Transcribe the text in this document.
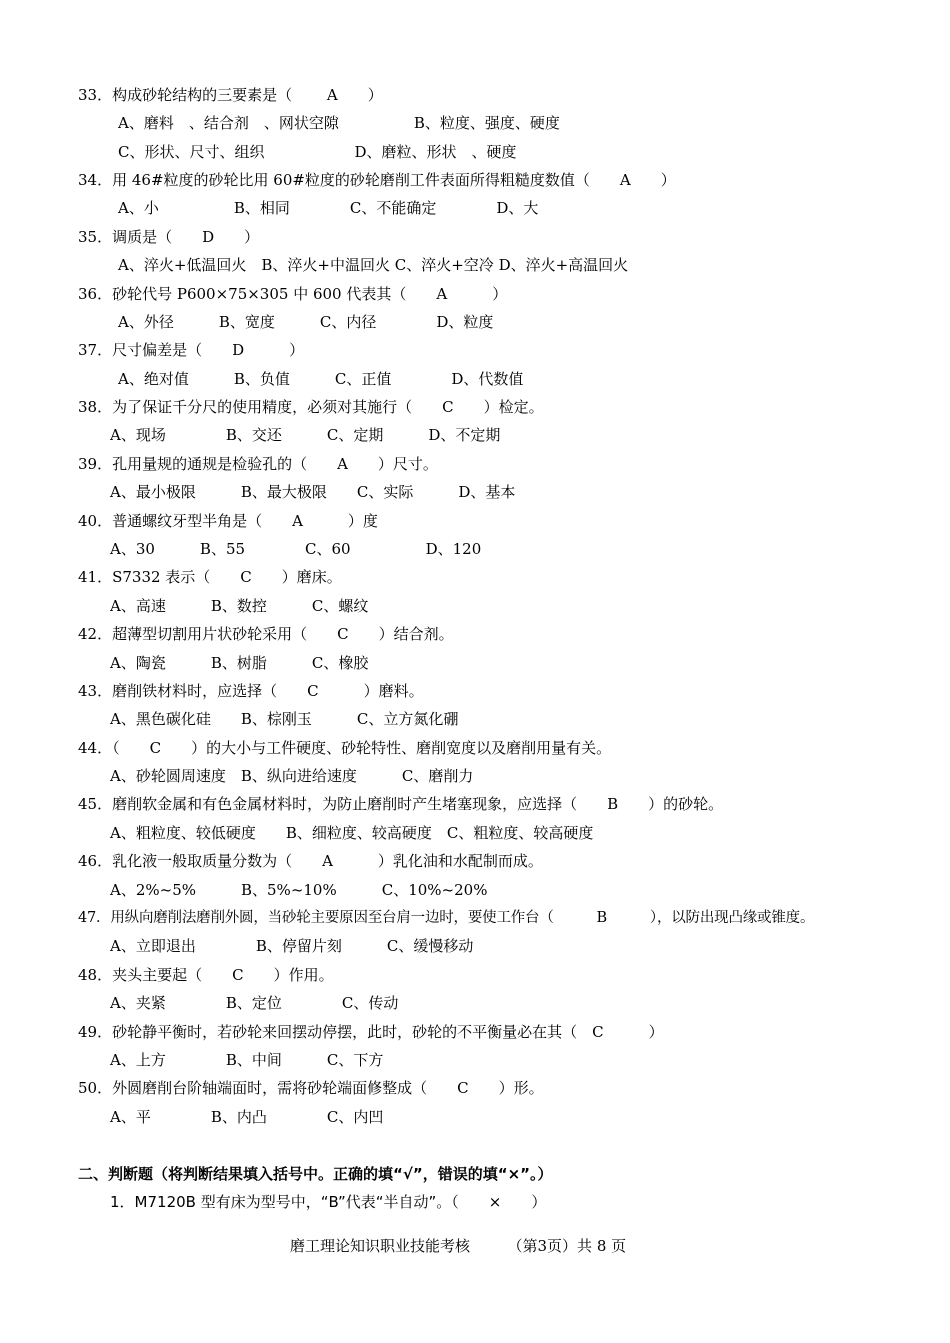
33．构成砂轮结构的三要素是（　　 A　　）
A、磨料　、结合剂　、网状空隙　　　　　B、粒度、强度、硬度
C、形状、尺寸、组织　　　　　　D、磨粒、形状　、硬度
34．用 46#粒度的砂轮比用 60#粒度的砂轮磨削工件表面所得粗糙度数值（　　A　　）
A、小　　　　　B、相同　　　　C、不能确定　　　　D、大
35．调质是（　　D　　）
A、淬火+低温回火　B、淬火+中温回火 C、淬火+空冷 D、淬火+高温回火
36．砂轮代号 P600×75×305 中 600 代表其（　　A　　　）
A、外径　　　B、宽度　　　C、内径　　　　D、粒度
37．尺寸偏差是（　　D　　　）
A、绝对值　　　B、负值　　　C、正值　　　　D、代数值
38．为了保证千分尺的使用精度，必须对其施行（　　C　　）检定。
A、现场　　　　B、交还　　　C、定期　　　D、不定期
39．孔用量规的通规是检验孔的（　　A　　）尺寸。
A、最小极限　　　B、最大极限　　C、实际　　　D、基本
40．普通螺纹牙型半角是（　　A　　　）度
A、30　　　B、55　　　　C、60　　　　　D、120
41．S7332 表示（　　C　　）磨床。
A、高速　　　B、数控　　　C、螺纹
42．超薄型切割用片状砂轮采用（　　C　　）结合剂。
A、陶瓷　　　B、树脂　　　C、橡胶
43．磨削铁材料时，应选择（　　C　　　）磨料。
A、黑色碳化硅　　B、棕刚玉　　　C、立方氮化硼
44．（　　C　　）的大小与工件硬度、砂轮特性、磨削宽度以及磨削用量有关。
A、砂轮圆周速度　B、纵向进给速度　　　C、磨削力
45．磨削软金属和有色金属材料时，为防止磨削时产生堵塞现象，应选择（　　B　　）的砂轮。
A、粗粒度、较低硬度　　B、细粒度、较高硬度　C、粗粒度、较高硬度
46．乳化液一般取质量分数为（　　A　　　）乳化油和水配制而成。
A、2%~5%　　　B、5%~10%　　　C、10%~20%
47．用纵向磨削法磨削外圆，当砂轮主要原因至台肩一边时，要使工作台（　　　B　　　），以防出现凸缘或锥度。
A、立即退出　　　　B、停留片刻　　　C、缓慢移动
48．夹头主要起（　　C　　）作用。
A、夹紧　　　　B、定位　　　　C、传动
49．砂轮静平衡时，若砂轮来回摆动停摆，此时，砂轮的不平衡量必在其（　C　　　）
A、上方　　　　B、中间　　　C、下方
50．外圆磨削台阶轴端面时，需将砂轮端面修整成（　　C　　）形。
A、平　　　　B、内凸　　　　C、内凹
二、判断题（将判断结果填入括号中。正确的填“√”，错误的填“×”。）
1．M7120B 型有床为型号中，“B”代表“半自动”。（　　×　　）
磨工理论知识职业技能考核　　　（第3页）共 8 页
